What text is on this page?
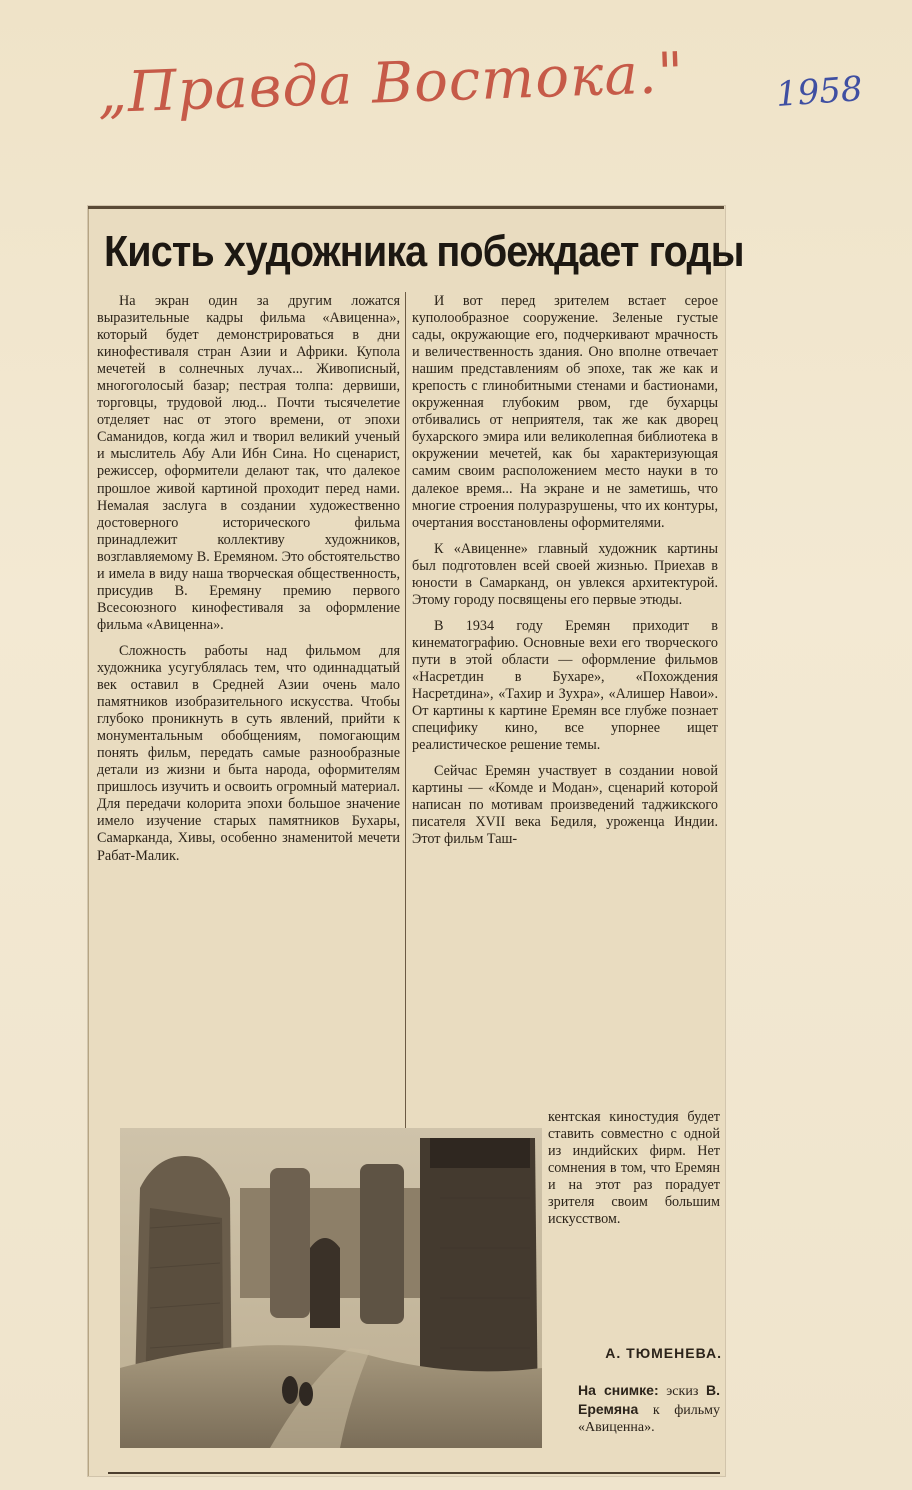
„Правда Востока."	1958
Кисть художника побеждает годы

На экран один за другим ложатся выразительные кадры фильма «Авиценна», который будет демонстрироваться в дни кинофестиваля стран Азии и Африки. Купола мечетей в солнечных лучах... Живописный, многоголосый базар; пестрая толпа: дервиши, торговцы, трудовой люд... Почти тысячелетие отделяет нас от этого времени, от эпохи Саманидов, когда жил и творил великий ученый и мыслитель Абу Али Ибн Сина. Но сценарист, режиссер, оформители делают так, что далекое прошлое живой картиной проходит перед нами. Немалая заслуга в создании художественно достоверного исторического фильма принадлежит коллективу художников, возглавляемому В. Еремяном. Это обстоятельство и имела в виду наша творческая общественность, присудив В. Еремяну премию первого Всесоюзного кинофестиваля за оформление фильма «Авиценна».

Сложность работы над фильмом для художника усугублялась тем, что одиннадцатый век оставил в Средней Азии очень мало памятников изобразительного искусства. Чтобы глубоко проникнуть в суть явлений, прийти к монументальным обобщениям, помогающим понять фильм, передать самые разнообразные детали из жизни и быта народа, оформителям пришлось изучить и освоить огромный материал. Для передачи колорита эпохи большое значение имело изучение старых памятников Бухары, Самарканда, Хивы, особенно знаменитой мечети Рабат-Малик.

И вот перед зрителем встает серое куполообразное сооружение. Зеленые густые сады, окружающие его, подчеркивают мрачность и величественность здания. Оно вполне отвечает нашим представлениям об эпохе, так же как и крепость с глинобитными стенами и бастионами, окруженная глубоким рвом, где бухарцы отбивались от неприятеля, так же как дворец бухарского эмира или великолепная библиотека в окружении мечетей, как бы характеризующая самим своим расположением место науки в то далекое время... На экране и не заметишь, что многие строения полуразрушены, что их контуры, очертания восстановлены оформителями.

К «Авиценне» главный художник картины был подготовлен всей своей жизнью. Приехав в юности в Самарканд, он увлекся архитектурой. Этому городу посвящены его первые этюды.

В 1934 году Еремян приходит в кинематографию. Основные вехи его творческого пути в этой области — оформление фильмов «Насретдин в Бухаре», «Похождения Насретдина», «Тахир и Зухра», «Алишер Навои». От картины к картине Еремян все глубже познает специфику кино, все упорнее ищет реалистическое решение темы.

Сейчас Еремян участвует в создании новой картины — «Комде и Модан», сценарий которой написан по мотивам произведений таджикского писателя XVII века Бедиля, уроженца Индии. Этот фильм Таш-

кентская киностудия будет ставить совместно с одной из индийских фирм. Нет сомнения в том, что Еремян и на этот раз порадует зрителя своим большим искусством.

А. ТЮМЕНЕВА.
На снимке: эскиз В. Еремяна к фильму «Авиценна».
